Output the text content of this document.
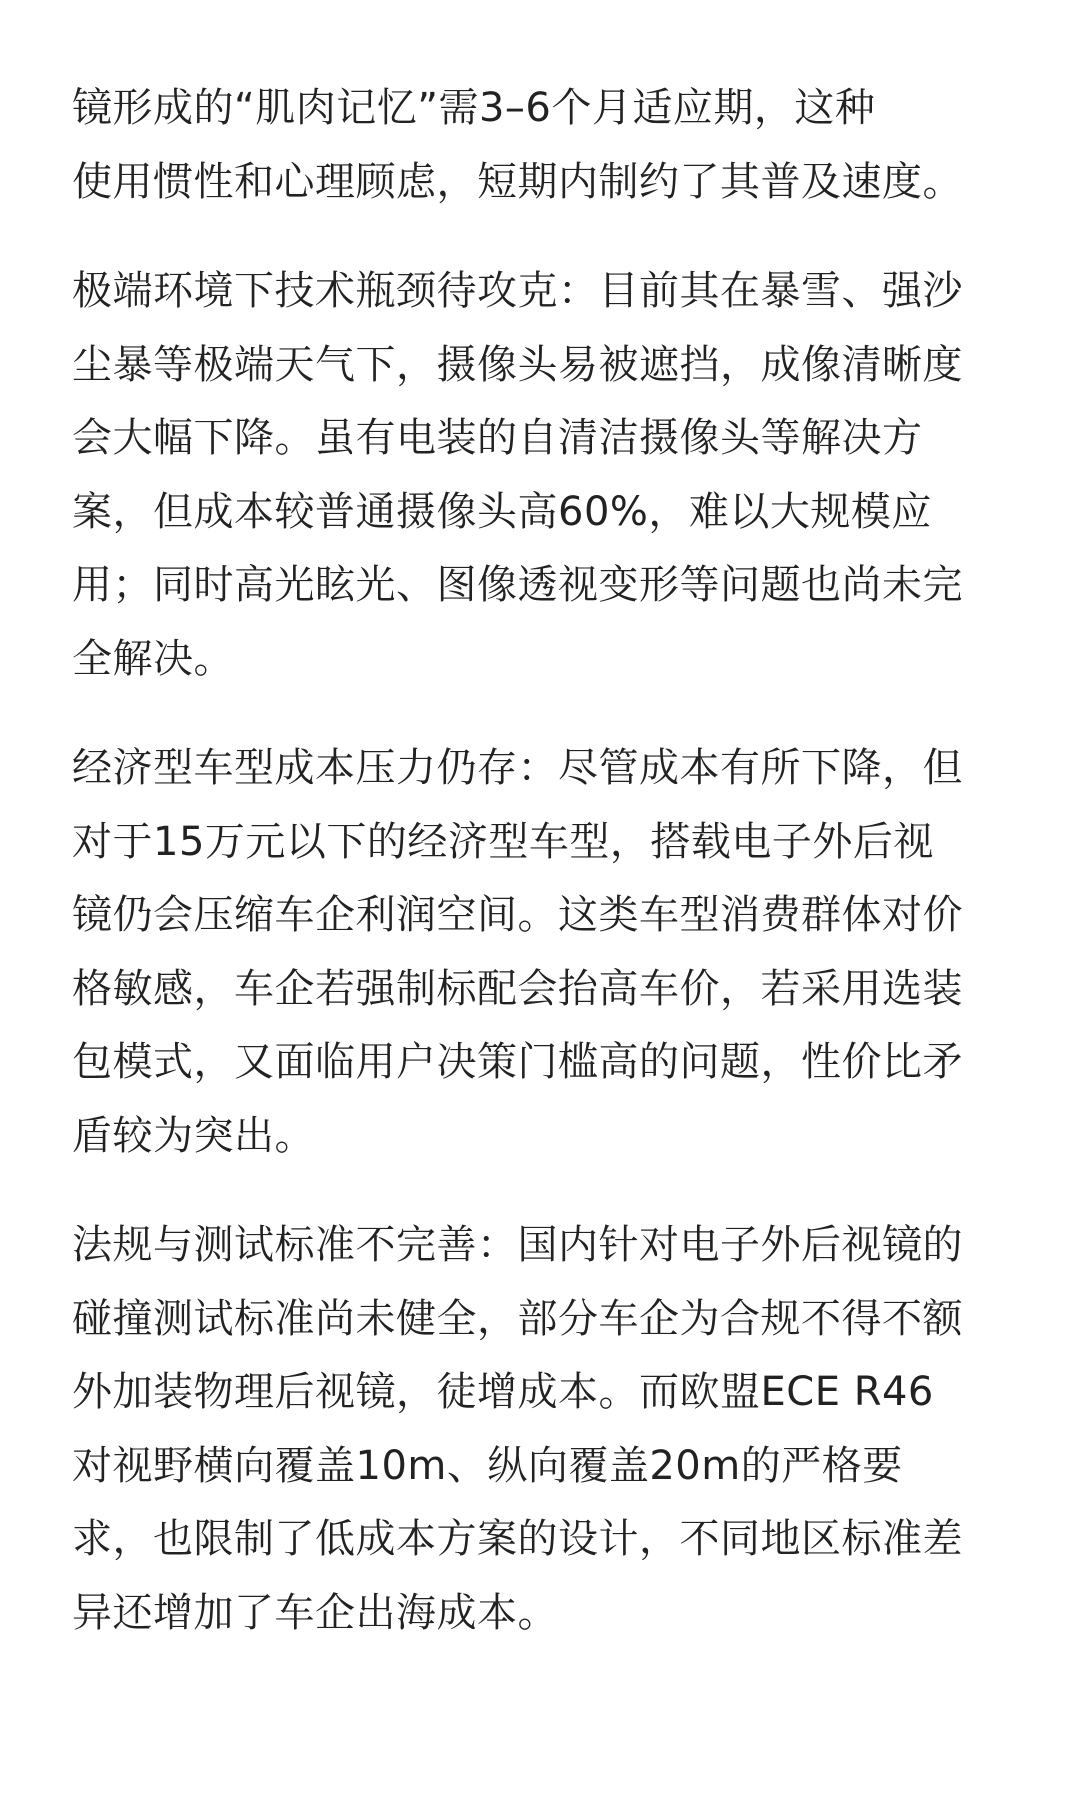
镜形成的“肌肉记忆”需3–6个月适应期，这种
使用惯性和心理顾虑，短期内制约了其普及速度。
极端环境下技术瓶颈待攻克：目前其在暴雪、强沙
尘暴等极端天气下，摄像头易被遮挡，成像清晰度
会大幅下降。虽有电装的自清洁摄像头等解决方
案，但成本较普通摄像头高60%，难以大规模应
用；同时高光眩光、图像透视变形等问题也尚未完
全解决。
经济型车型成本压力仍存：尽管成本有所下降，但
对于15万元以下的经济型车型，搭载电子外后视
镜仍会压缩车企利润空间。这类车型消费群体对价
格敏感，车企若强制标配会抬高车价，若采用选装
包模式，又面临用户决策门槛高的问题，性价比矛
盾较为突出。
法规与测试标准不完善：国内针对电子外后视镜的
碰撞测试标准尚未健全，部分车企为合规不得不额
外加装物理后视镜，徒增成本。而欧盟ECE R46
对视野横向覆盖10m、纵向覆盖20m的严格要
求，也限制了低成本方案的设计，不同地区标准差
异还增加了车企出海成本。
